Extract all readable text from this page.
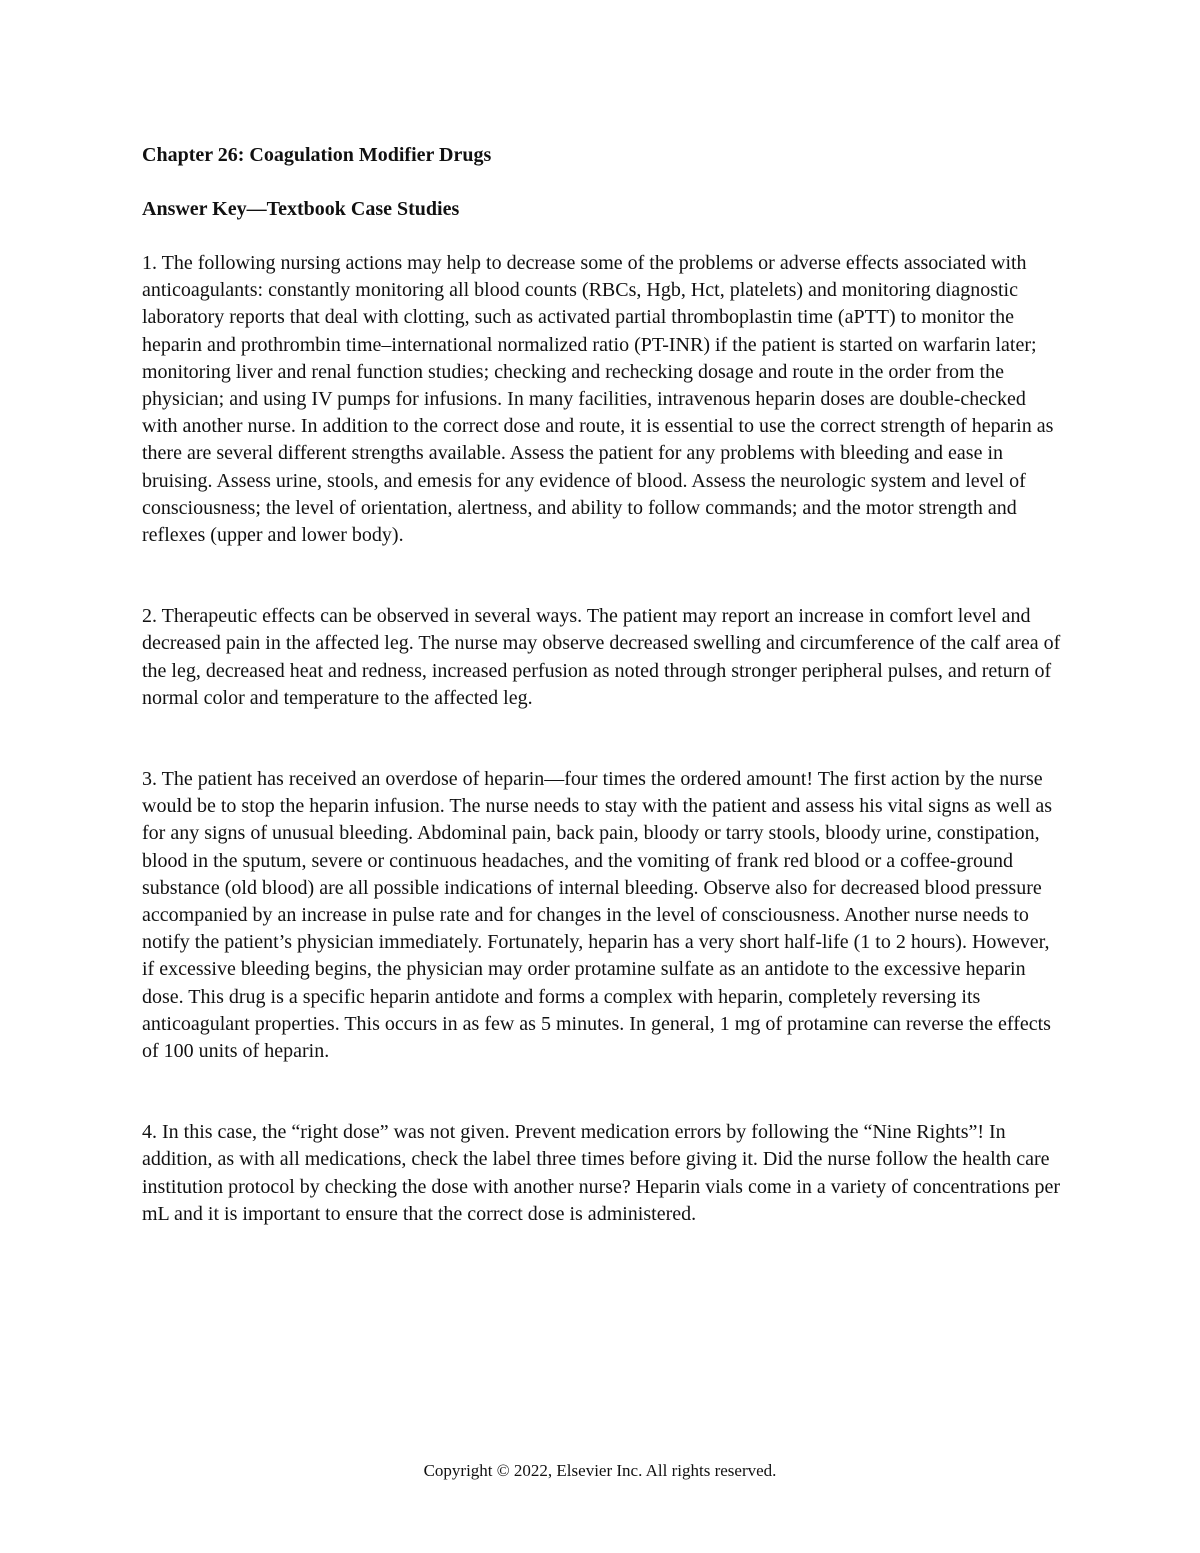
Chapter 26: Coagulation Modifier Drugs
Answer Key—Textbook Case Studies

1. The following nursing actions may help to decrease some of the problems or adverse effects associated with anticoagulants: constantly monitoring all blood counts (RBCs, Hgb, Hct, platelets) and monitoring diagnostic laboratory reports that deal with clotting, such as activated partial thromboplastin time (aPTT) to monitor the heparin and prothrombin time–international normalized ratio (PT-INR) if the patient is started on warfarin later; monitoring liver and renal function studies; checking and rechecking dosage and route in the order from the physician; and using IV pumps for infusions. In many facilities, intravenous heparin doses are double-checked with another nurse. In addition to the correct dose and route, it is essential to use the correct strength of heparin as there are several different strengths available. Assess the patient for any problems with bleeding and ease in bruising. Assess urine, stools, and emesis for any evidence of blood. Assess the neurologic system and level of consciousness; the level of orientation, alertness, and ability to follow commands; and the motor strength and reflexes (upper and lower body).

2. Therapeutic effects can be observed in several ways. The patient may report an increase in comfort level and decreased pain in the affected leg. The nurse may observe decreased swelling and circumference of the calf area of the leg, decreased heat and redness, increased perfusion as noted through stronger peripheral pulses, and return of normal color and temperature to the affected leg.

3. The patient has received an overdose of heparin—four times the ordered amount! The first action by the nurse would be to stop the heparin infusion. The nurse needs to stay with the patient and assess his vital signs as well as for any signs of unusual bleeding. Abdominal pain, back pain, bloody or tarry stools, bloody urine, constipation, blood in the sputum, severe or continuous headaches, and the vomiting of frank red blood or a coffee-ground substance (old blood) are all possible indications of internal bleeding. Observe also for decreased blood pressure accompanied by an increase in pulse rate and for changes in the level of consciousness. Another nurse needs to notify the patient’s physician immediately. Fortunately, heparin has a very short half-life (1 to 2 hours). However, if excessive bleeding begins, the physician may order protamine sulfate as an antidote to the excessive heparin dose. This drug is a specific heparin antidote and forms a complex with heparin, completely reversing its anticoagulant properties. This occurs in as few as 5 minutes. In general, 1 mg of protamine can reverse the effects of 100 units of heparin.

4. In this case, the “right dose” was not given. Prevent medication errors by following the “Nine Rights”! In addition, as with all medications, check the label three times before giving it. Did the nurse follow the health care institution protocol by checking the dose with another nurse? Heparin vials come in a variety of concentrations per mL and it is important to ensure that the correct dose is administered.

Copyright © 2022, Elsevier Inc. All rights reserved.
